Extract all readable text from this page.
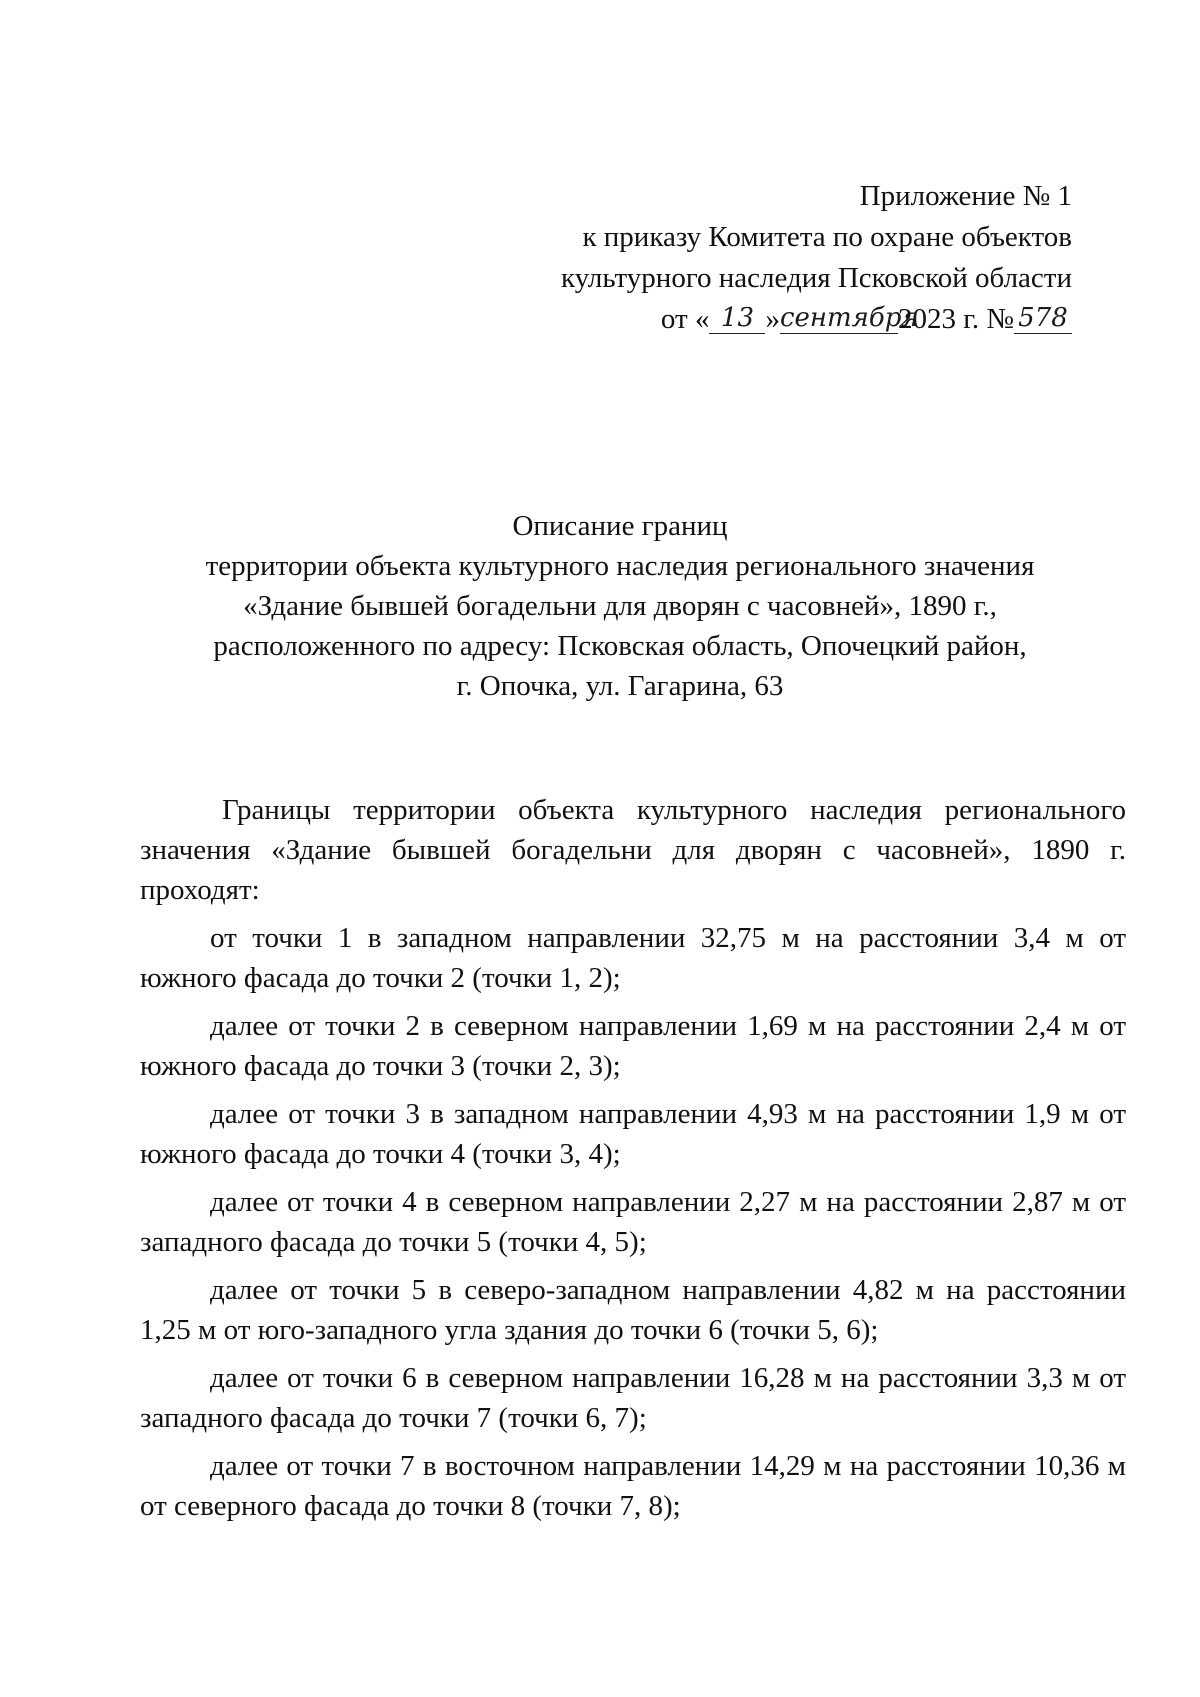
Приложение № 1
к приказу Комитета по охране объектов
культурного наследия Псковской области
от « 13 »сентября2023 г. № 578
Описание границ
территории объекта культурного наследия регионального значения
«Здание бывшей богадельни для дворян с часовней», 1890 г.,
расположенного по адресу: Псковская область, Опочецкий район,
г. Опочка, ул. Гагарина, 63

Границы территории объекта культурного наследия регионального значения «Здание бывшей богадельни для дворян с часовней», 1890 г. проходят:

от точки 1 в западном направлении 32,75 м на расстоянии 3,4 м от южного фасада до точки 2 (точки 1, 2);

далее от точки 2 в северном направлении 1,69 м на расстоянии 2,4 м от южного фасада до точки 3 (точки 2, 3);

далее от точки 3 в западном направлении 4,93 м на расстоянии 1,9 м от южного фасада до точки 4 (точки 3, 4);

далее от точки 4 в северном направлении 2,27 м на расстоянии 2,87 м от западного фасада до точки 5 (точки 4, 5);

далее от точки 5 в северо-западном направлении 4,82 м на расстоянии 1,25 м от юго-западного угла здания до точки 6 (точки 5, 6);

далее от точки 6 в северном направлении 16,28 м на расстоянии 3,3 м от западного фасада до точки 7 (точки 6, 7);

далее от точки 7 в восточном направлении 14,29 м на расстоянии 10,36 м от северного фасада до точки 8 (точки 7, 8);
